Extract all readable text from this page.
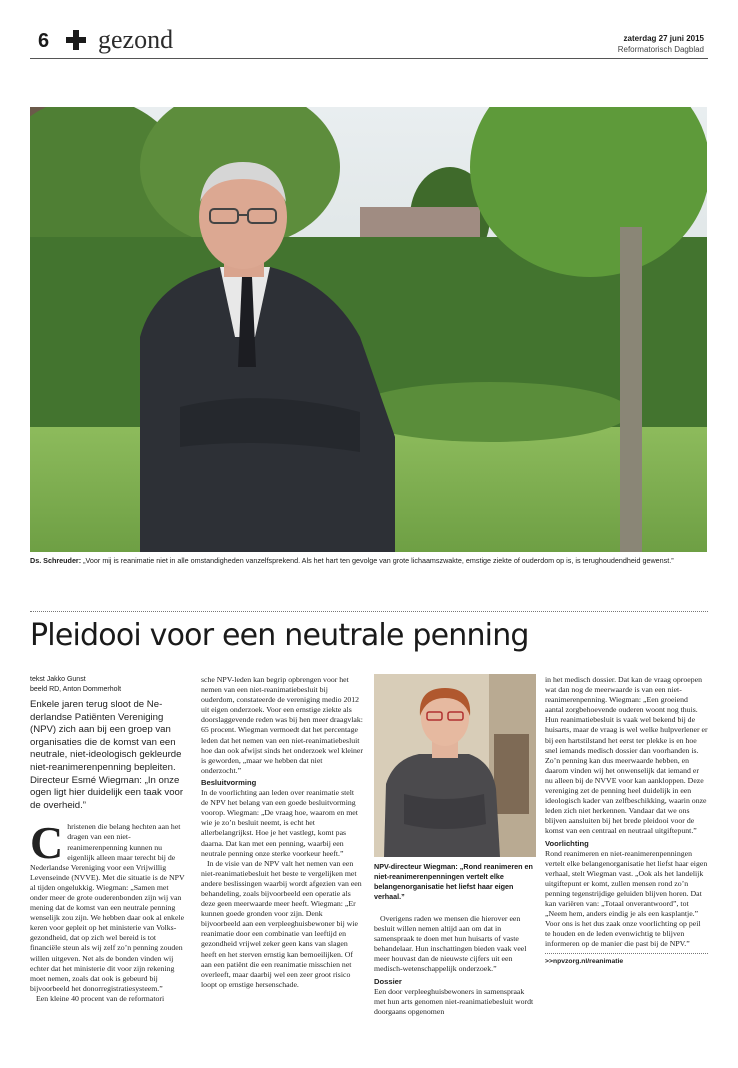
6 gezond	zaterdag 27 juni 2015
Reformatorisch Dagblad
Ds. Schreuder: „Voor mij is reanimatie niet in alle omstandigheden vanzelfsprekend. Als het hart ten gevolge van grote lichaamszwakte, emstige ziekte of ouderdom op is, is terughoudendheid gewenst.”
Pleidooi voor een neutrale penning
tekst Jakko Gunst
beeld RD, Anton Dommerholt
Enkele jaren terug sloot de Nederlandse Patiënten Vereniging (NPV) zich aan bij een groep van organisaties die de komst van een neutrale, niet-ideologisch gekleurde niet-reanimerenpenning bepleiten. Directeur Esmé Wiegman: „In onze ogen ligt hier duidelijk een taak voor de overheid.”
C hristenen die belang hechten aan het dragen van een niet-reanimerenpenning kunnen nu eigenlijk alleen maar terecht bij de Nederlandse Vereniging voor een Vrijwillig Levenseinde (NVVE). Met die situatie is de NPV al tijden ongelukkig. Wiegman: „Samen met onder meer de grote ouderenbonden zijn wij van mening dat de komst van een neutrale penning wenselijk zou zijn. We hebben daar ook al enkele keren voor gepleit op het ministerie van Volksgezondheid, dat op zich wel bereid is tot financiële steun als wij zelf zo’n penning zouden willen uitgeven. Net als de bonden vinden wij echter dat het ministerie dit voor zijn rekening moet nemen, zoals dat ook is gebeurd bij bijvoorbeeld het donorregistratiesysteem.”

Een kleine 40 procent van de reformatori

sche NPV-leden kan begrip opbrengen voor het nemen van een niet-reanimatiebesluit bij ouderdom, constateerde de vereniging medio 2012 uit eigen onderzoek. Voor een ernstige ziekte als doorslaggevende reden was bij hen meer draagvlak: 65 procent. Wiegman vermoedt dat het percentage leden dat het nemen van een niet-reanimatiebesluit hoe dan ook afwijst sinds het onderzoek wel kleiner is geworden, „maar we hebben dat niet onderzocht.”

Besluitvorming

In de voorlichting aan leden over reanimatie stelt de NPV het belang van een goede besluitvorming voorop. Wiegman: „De vraag hoe, waarom en met wie je zo’n besluit neemt, is echt het allerbelangrijkst. Hoe je het vastlegt, komt pas daarna. Dat kan met een penning, waarbij een neutrale penning onze sterke voorkeur heeft.”

In de visie van de NPV valt het nemen van een niet-reanimatiebesluit het beste te vergelijken met andere beslissingen waarbij wordt afgezien van een behandeling, zoals bijvoorbeeld een operatie als deze geen meerwaarde meer heeft. Wiegman: „Er kunnen goede gronden voor zijn. Denk bijvoorbeeld aan een verpleeghuisbewoner bij wie reanimatie door een combinatie van leeftijd en gezondheid vrijwel zeker geen kans van slagen heeft en het sterven ernstig kan bemoeilijken. Of aan een patiënt die een reanimatie misschien net overleeft, maar daarbij wel een zeer groot risico loopt op ernstige hersenschade.

NPV-directeur Wiegman: „Rond reanimeren en niet-reanimerenpenningen vertelt elke belangenorganisatie het liefst haar eigen verhaal.”

Overigens raden we mensen die hierover een besluit willen nemen altijd aan om dat in samenspraak te doen met hun huisarts of vaste behandelaar. Hun inschattingen bieden vaak veel meer houvast dan de nieuwste cijfers uit een medisch-wetenschappelijk onderzoek.”

Dossier

Een door verpleeghuisbewoners in samenspraak met hun arts genomen niet-reanimatiebesluit wordt doorgaans opgenomen

in het medisch dossier. Dat kan de vraag oproepen wat dan nog de meerwaarde is van een niet-reanimerenpenning. Wiegman: „Een groeiend aantal zorgbehoevende ouderen woont nog thuis. Hun reanimatiebesluit is vaak wel bekend bij de huisarts, maar de vraag is wel welke hulpverlener er bij een hartstilstand het eerst ter plekke is en hoe snel iemands medisch dossier dan voorhanden is. Zo’n penning kan dus meerwaarde hebben, en daarom vinden wij het onwenselijk dat iemand er nu alleen bij de NVVE voor kan aankloppen. Deze vereniging zet de penning heel duidelijk in een ideologisch kader van zelfbeschikking, waarin onze leden zich niet herkennen. Vandaar dat we ons blijven aansluiten bij het brede pleidooi voor de komst van een centraal en neutraal uitgiftepunt.”

Voorlichting

Rond reanimeren en niet-reanimerenpenningen vertelt elke belangenorganisatie het liefst haar eigen verhaal, stelt Wiegman vast. „Ook als het landelijk uitgiftepunt er komt, zullen mensen rond zo’n penning tegenstrijdige geluiden blijven horen. Dat kan variëren van: „Totaal onverantwoord”, tot „Neem hem, anders eindig je als een kasplantje.” Voor ons is het dus zaak onze voorlichting op peil te houden en de leden evenwichtig te blijven informeren op de manier die past bij de NPV.”

>>npvzorg.nl/reanimatie
